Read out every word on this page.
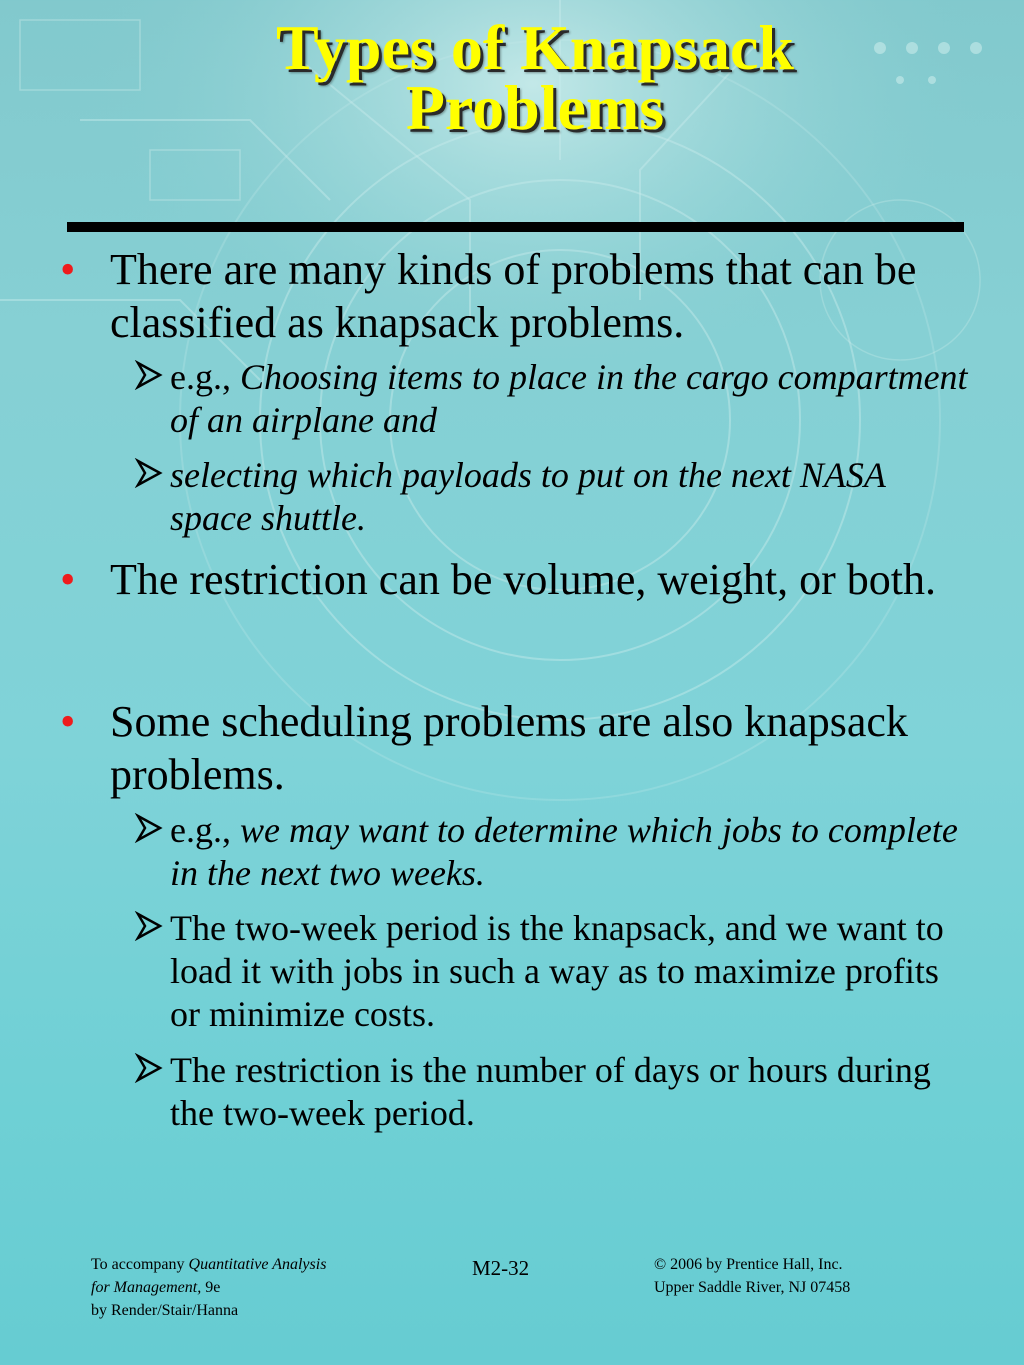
Types of Knapsack
Problems
• There are many kinds of problems that can be classified as knapsack problems.
e.g., Choosing items to place in the cargo compartment of an airplane and
selecting which payloads to put on the next NASA space shuttle.
• The restriction can be volume, weight, or both.
• Some scheduling problems are also knapsack problems.
e.g., we may want to determine which jobs to complete in the next two weeks.
The two-week period is the knapsack, and we want to load it with jobs in such a way as to maximize profits or minimize costs.
The restriction is the number of days or hours during the two-week period.
To accompany Quantitative Analysis
for Management, 9e
by Render/Stair/Hanna
M2-32	© 2006 by Prentice Hall, Inc.
Upper Saddle River, NJ 07458
